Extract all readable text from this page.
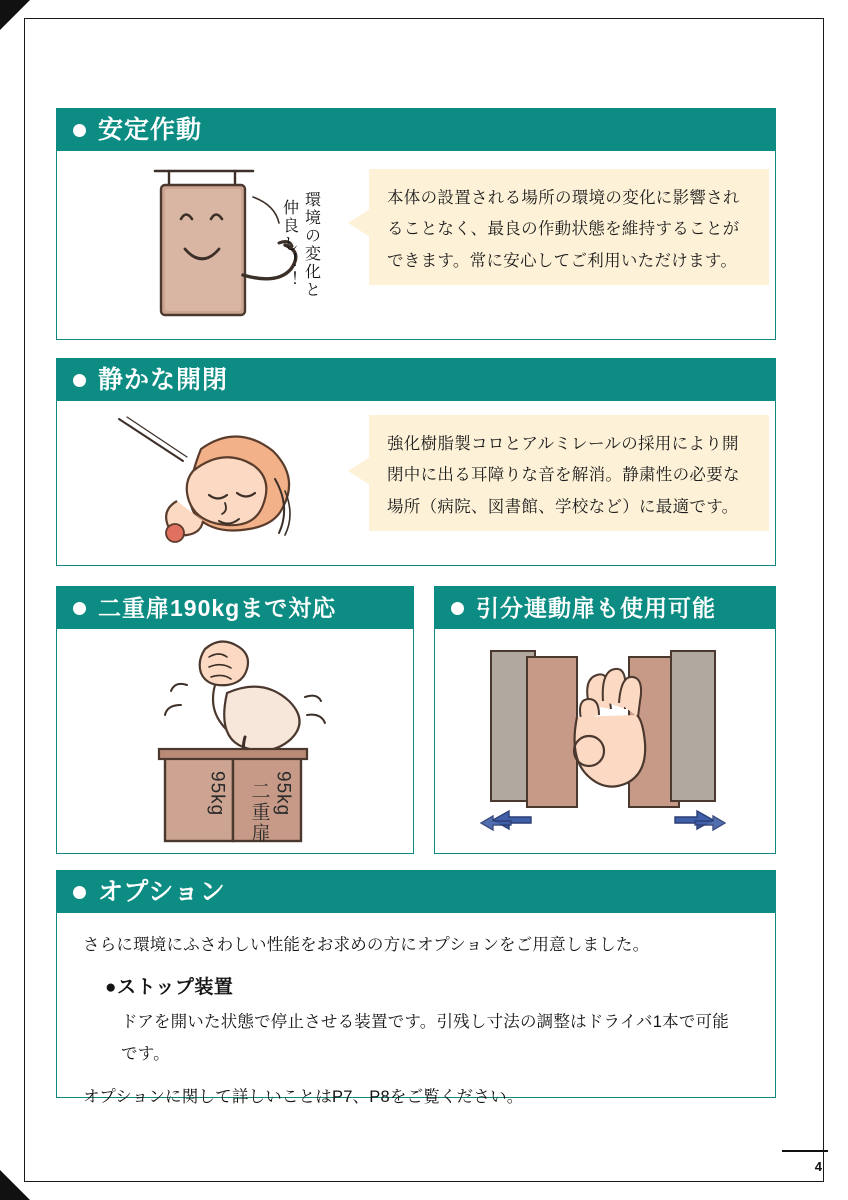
安定作動
環境の変化と
仲良し！！
本体の設置される場所の環境の変化に影響されることなく、最良の作動状態を維持することができます。常に安心してご利用いただけます。
静かな開閉
強化樹脂製コロとアルミレールの採用により開閉中に出る耳障りな音を解消。静粛性の必要な場所（病院、図書館、学校など）に最適です。
二重扉190kgまで対応
95kg 95kg
二重扉
引分連動扉も使用可能
オプション
さらに環境にふさわしい性能をお求めの方にオプションをご用意しました。
●ストップ装置
ドアを開いた状態で停止させる装置です。引残し寸法の調整はドライバ1本で可能
です。
オプションに関して詳しいことはP7、P8をご覧ください。
4
